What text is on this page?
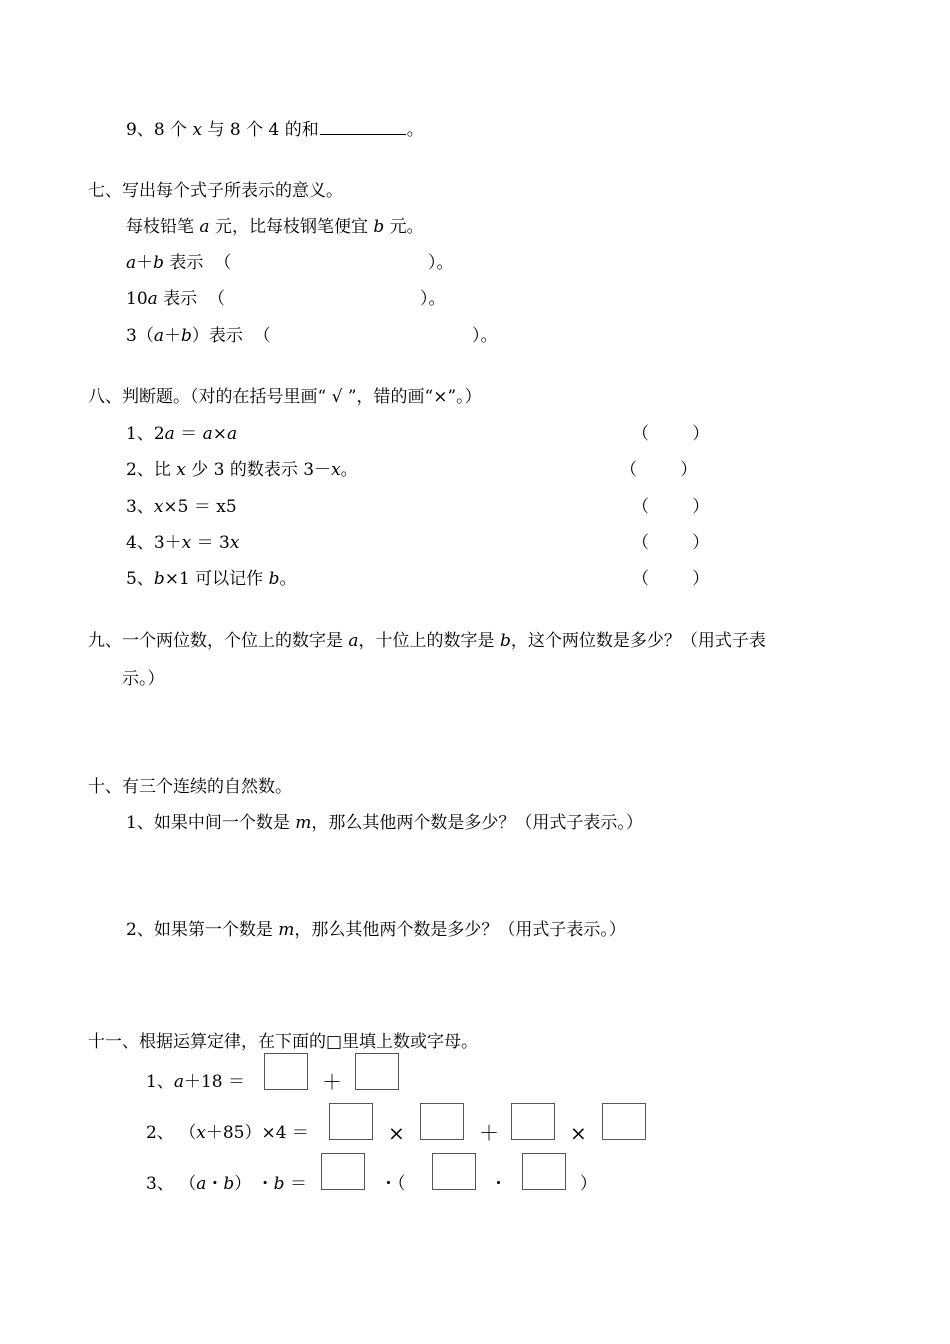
9、8 个 x 与 8 个 4 的和	。
七、写出每个式子所表示的意义。
每枝铅笔 a 元，比每枝钢笔便宜 b 元。
a＋b 表示  （	）。
10a 表示  （	）。
3（a＋b）表示  （	）。
八、判断题。（对的在括号里画“ √ ”，错的画“×”。）
1、2a ＝ a×a	（        ）
2、比 x 少 3 的数表示 3－x。	（        ）
3、x×5 ＝ x5	（        ）
4、3＋x ＝ 3x	（        ）
5、b×1 可以记作 b。	（        ）
九、一个两位数，个位上的数字是 a，十位上的数字是 b，这个两位数是多少？（用式子表
示。）
十、有三个连续的自然数。
1、如果中间一个数是 m，那么其他两个数是多少？（用式子表示。）
2、如果第一个数是 m，那么其他两个数是多少？（用式子表示。）
十一、根据运算定律，在下面的□里填上数或字母。
1、a＋18 ＝	＋
2、 （x＋85）×4 ＝	×	＋	×
3、 （a・b） ・b ＝	・（	・	）
